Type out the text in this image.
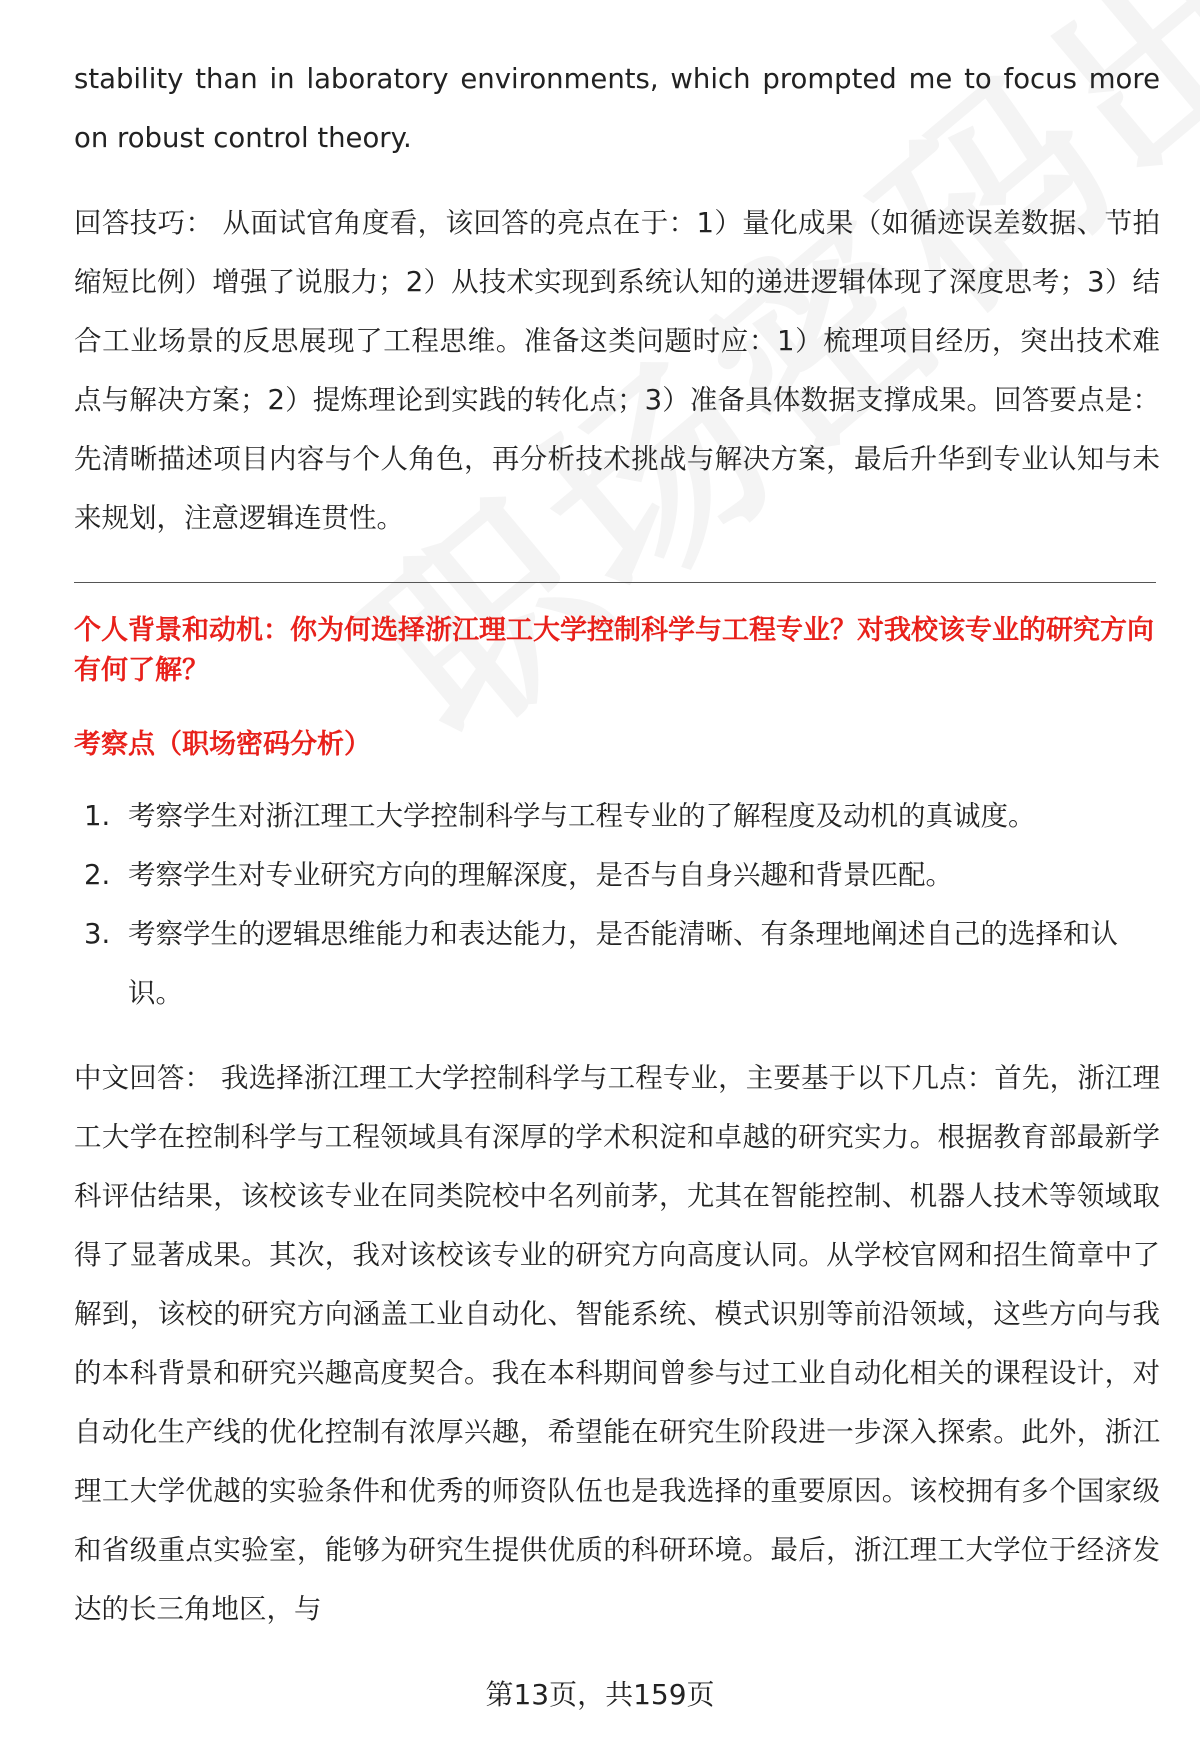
stability than in laboratory environments, which prompted me to focus more on robust control theory.

回答技巧： 从面试官角度看，该回答的亮点在于：1）量化成果（如循迹误差数据、节拍缩短比例）增强了说服力；2）从技术实现到系统认知的递进逻辑体现了深度思考；3）结合工业场景的反思展现了工程思维。准备这类问题时应：1）梳理项目经历，突出技术难点与解决方案；2）提炼理论到实践的转化点；3）准备具体数据支撑成果。回答要点是：先清晰描述项目内容与个人角色，再分析技术挑战与解决方案，最后升华到专业认知与未来规划，注意逻辑连贯性。

个人背景和动机：你为何选择浙江理工大学控制科学与工程专业？对我校该专业的研究方向有何了解？
考察点（职场密码分析）
1. 考察学生对浙江理工大学控制科学与工程专业的了解程度及动机的真诚度。
2. 考察学生对专业研究方向的理解深度，是否与自身兴趣和背景匹配。
3. 考察学生的逻辑思维能力和表达能力，是否能清晰、有条理地阐述自己的选择和认识。

中文回答： 我选择浙江理工大学控制科学与工程专业，主要基于以下几点：首先，浙江理工大学在控制科学与工程领域具有深厚的学术积淀和卓越的研究实力。根据教育部最新学科评估结果，该校该专业在同类院校中名列前茅，尤其在智能控制、机器人技术等领域取得了显著成果。其次，我对该校该专业的研究方向高度认同。从学校官网和招生简章中了解到，该校的研究方向涵盖工业自动化、智能系统、模式识别等前沿领域，这些方向与我的本科背景和研究兴趣高度契合。我在本科期间曾参与过工业自动化相关的课程设计，对自动化生产线的优化控制有浓厚兴趣，希望能在研究生阶段进一步深入探索。此外，浙江理工大学优越的实验条件和优秀的师资队伍也是我选择的重要原因。该校拥有多个国家级和省级重点实验室，能够为研究生提供优质的科研环境。最后，浙江理工大学位于经济发达的长三角地区，与

第13页，共159页
